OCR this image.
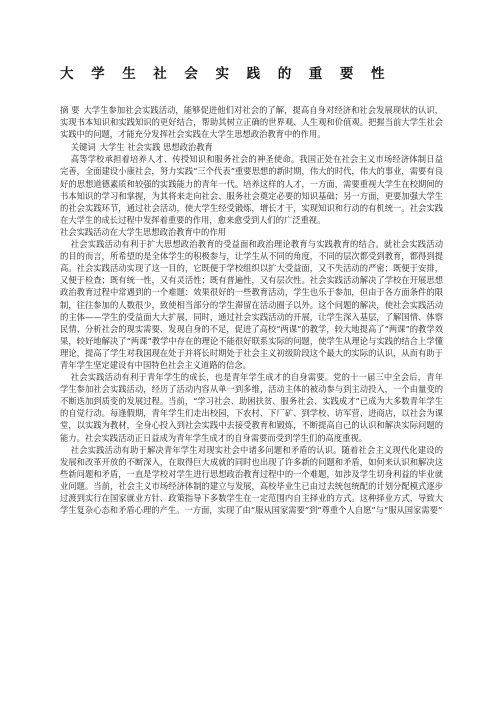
大学生社会实践的重要性

摘 要 大学生参加社会实践活动，能够促进他们对社会的了解，提高自身对经济和社会发展现状的认识，实现书本知识和实践知识的更好结合，帮助其树立正确的世界观、人生观和价值观。把握当前大学生社会实践中的问题，才能充分发挥社会实践在大学生思想政治教育中的作用。

关键词 大学生 社会实践 思想政治教育

高等学校承担着培养人才、传授知识和服务社会的神圣使命。我国正处在社会主义市场经济体制日益完善，全面建设小康社会，努力实践“三个代表”重要思想的新时期，伟大的时代，伟大的事业，需要有良好的思想道德素质和较强的实践能力的青年一代。培养这样的人才，一方面，需要重视大学生在校期间的书本知识的学习和掌握，为其将来走向社会、服务社会奠定必要的知识基础；另一方面，更要加强大学生的社会实践环节，通过社会活动，使大学生经受锻炼，增长才干，实现知识和行动的有机统一。社会实践在大学生的成长过程中发挥着重要的作用，愈来愈受到人们的广泛重视。

社会实践活动在大学生思想政治教育中的作用

社会实践活动有利于扩大思想政治教育的受益面和政治理论教育与实践教育的结合。就社会实践活动的目的而言，所希望的是全体学生的积极参与，让学生从不同的角度，不同的层次都受到教育，都得到提高。社会实践活动实现了这一目的，它既便于学校组织以扩大受益面，又不失活动的严密；既便于安排，又便于检查；既有统一性，又有灵活性；既有普遍性，又有层次性。社会实践活动解决了学校在开展思想政治教育过程中常遇到的一个难题：效果很好的一些教育活动，学生也乐于参加，但由于各方面条件的限制，往往参加的人数很少，致使相当部分的学生滞留在活动圈子以外。这个问题的解决，使社会实践活动的主体——学生的受益面大大扩展，同时，通过社会实践活动的开展，让学生深入基层，了解国情、体察民情、分析社会的现实需要、发现自身的不足，促进了高校“两课”的教学，较大地提高了“两课”的教学效果，较好地解决了“两课”教学中存在的理论不能很好联系实际的问题，使学生从理论与实践的结合上学懂理论，提高了学生对我国现在处于并将长时期处于社会主义初级阶段这个最大的实际的认识，从而有助于青年学生坚定建设有中国特色社会主义道路的信念。

社会实践活动有利于青年学生的成长，也是青年学生成才的自身需要。党的十一届三中全会后，青年学生参加社会实践活动，经历了活动内容从单一到多维，活动主体的被动参与到主动投入，一个由量变的不断迭加到质变的发展过程。当前，“学习社会、助困扶贫、服务社会、实践成才”已成为大多数青年学生的自觉行动。每逢假期，青年学生们走出校园，下农村、下厂矿、到学校、访军营、进商店，以社会为课堂，以实践为教材，全身心投入到社会实践中去接受教育和锻炼，不断提高自己的认识和解决实际问题的能力。社会实践活动正日益成为青年学生成才的自身需要而受到学生们的高度重视。

社会实践活动有助于解决青年学生对现实社会中诸多问题和矛盾的认识。随着社会主义现代化建设的发展和改革开放的不断深入，在取得巨大成就的同时也出现了许多新的问题和矛盾，如何来认识和解决这些新问题和矛盾，一直是学校对学生进行思想政治教育过程中的一个难题，如涉及学生切身利益的毕业就业问题。当前，社会主义市场经济体制的建立与发展，高校毕业生已由过去统包统配的计划分配模式逐步过渡到实行在国家就业方针、政策指导下多数学生在一定范围内自主择业的方式。这种择业方式，导致大学生复杂心态和矛盾心理的产生。一方面，实现了由“服从国家需要”到“尊重个人自愿”与“服从国家需要”
